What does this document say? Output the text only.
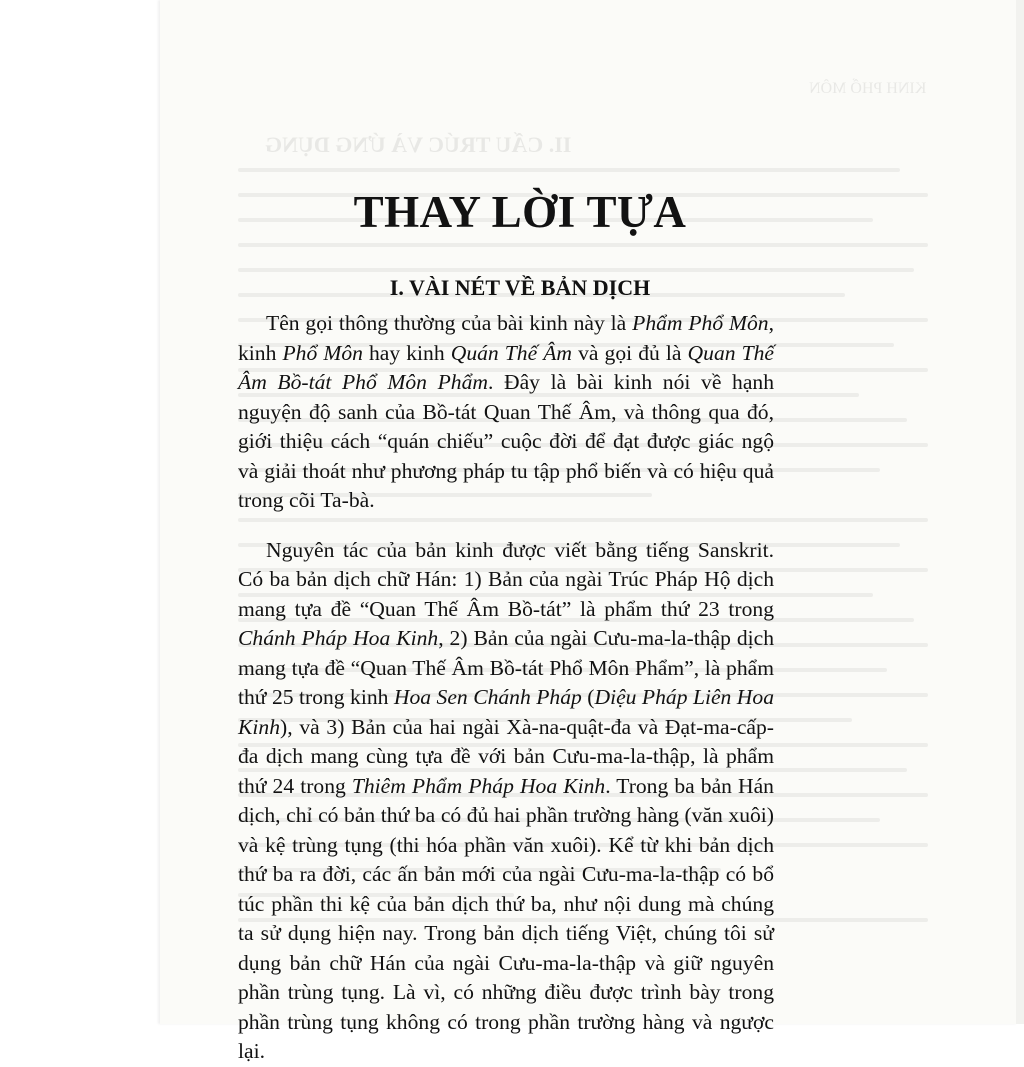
THAY LỜI TỰA
I. VÀI NÉT VỀ BẢN DỊCH

Tên gọi thông thường của bài kinh này là Phẩm Phổ Môn, kinh Phổ Môn hay kinh Quán Thế Âm và gọi đủ là Quan Thế Âm Bồ-tát Phổ Môn Phẩm. Đây là bài kinh nói về hạnh nguyện độ sanh của Bồ-tát Quan Thế Âm, và thông qua đó, giới thiệu cách “quán chiếu” cuộc đời để đạt được giác ngộ và giải thoát như phương pháp tu tập phổ biến và có hiệu quả trong cõi Ta-bà.

Nguyên tác của bản kinh được viết bằng tiếng Sanskrit. Có ba bản dịch chữ Hán: 1) Bản của ngài Trúc Pháp Hộ dịch mang tựa đề “Quan Thế Âm Bồ-tát” là phẩm thứ 23 trong Chánh Pháp Hoa Kinh, 2) Bản của ngài Cưu-ma-la-thập dịch mang tựa đề “Quan Thế Âm Bồ-tát Phổ Môn Phẩm”, là phẩm thứ 25 trong kinh Hoa Sen Chánh Pháp (Diệu Pháp Liên Hoa Kinh), và 3) Bản của hai ngài Xà-na-quật-đa và Đạt-ma-cấp-đa dịch mang cùng tựa đề với bản Cưu-ma-la-thập, là phẩm thứ 24 trong Thiêm Phẩm Pháp Hoa Kinh. Trong ba bản Hán dịch, chỉ có bản thứ ba có đủ hai phần trường hàng (văn xuôi) và kệ trùng tụng (thi hóa phần văn xuôi). Kể từ khi bản dịch thứ ba ra đời, các ấn bản mới của ngài Cưu-ma-la-thập có bổ túc phần thi kệ của bản dịch thứ ba, như nội dung mà chúng ta sử dụng hiện nay. Trong bản dịch tiếng Việt, chúng tôi sử dụng bản chữ Hán của ngài Cưu-ma-la-thập và giữ nguyên phần trùng tụng. Là vì, có những điều được trình bày trong phần trùng tụng không có trong phần trường hàng và ngược lại.
